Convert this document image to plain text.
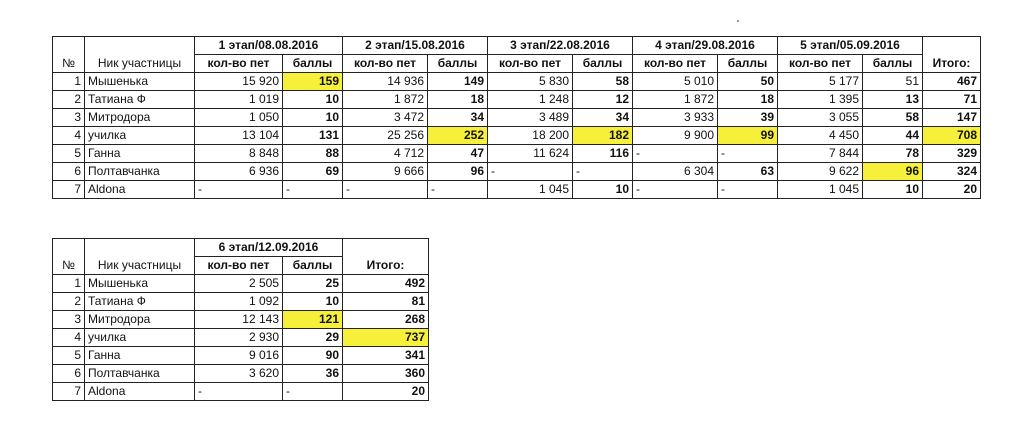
		1 этап/08.08.2016		2 этап/15.08.2016		3 этап/22.08.2016		4 этап/29.08.2016		5 этап/05.09.2016		
№	Ник участницы	кол-во пет	баллы	кол-во пет	баллы	кол-во пет	баллы	кол-во пет	баллы	кол-во пет	баллы	Итого:
1	Мышенька	15 920	159	14 936	149	5 830	58	5 010	50	5 177	51	467
2	Татиана Ф	1 019	10	1 872	18	1 248	12	1 872	18	1 395	13	71
3	Митродора	1 050	10	3 472	34	3 489	34	3 933	39	3 055	58	147
4	училка	13 104	131	25 256	252	18 200	182	9 900	99	4 450	44	708
5	Ганна	8 848	88	4 712	47	11 624	116	-	-	7 844	78	329
6	Полтавчанка	6 936	69	9 666	96	-	-	6 304	63	9 622	96	324
7	Aldona	-	-	-	-	1 045	10	-	-	1 045	10	20
		6 этап/12.09.2016		
№	Ник участницы	кол-во пет	баллы	Итого:
1	Мышенька	2 505	25	492
2	Татиана Ф	1 092	10	81
3	Митродора	12 143	121	268
4	училка	2 930	29	737
5	Ганна	9 016	90	341
6	Полтавчанка	3 620	36	360
7	Aldona	-	-	20
